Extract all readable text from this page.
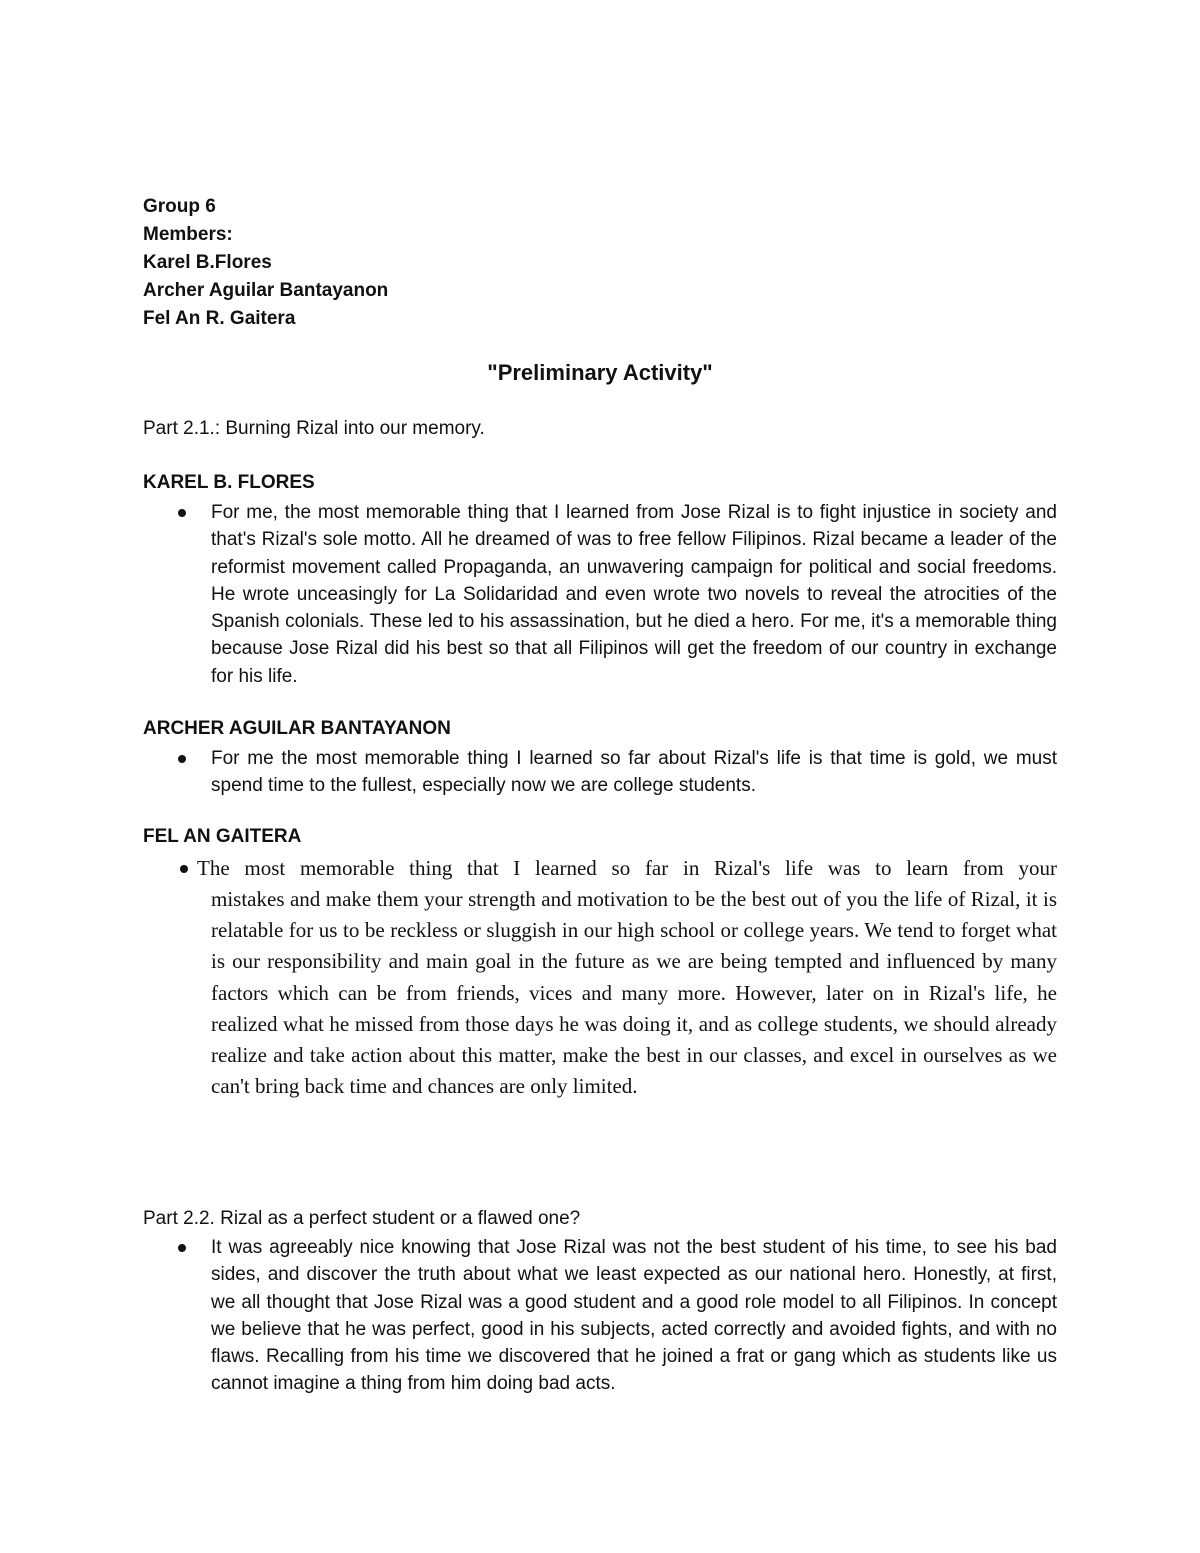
Group 6

Members:

Karel B.Flores

Archer Aguilar Bantayanon

Fel An R. Gaitera

"Preliminary Activity"

Part 2.1.: Burning Rizal into our memory.

KAREL B. FLORES

For me, the most memorable thing that I learned from Jose Rizal is to fight injustice in society and that's Rizal's sole motto. All he dreamed of was to free fellow Filipinos. Rizal became a leader of the reformist movement called Propaganda, an unwavering campaign for political and social freedoms. He wrote unceasingly for La Solidaridad and even wrote two novels to reveal the atrocities of the Spanish colonials. These led to his assassination, but he died a hero. For me, it's a memorable thing because Jose Rizal did his best so that all Filipinos will get the freedom of our country in exchange for his life.

ARCHER AGUILAR BANTAYANON

For me the most memorable thing I learned so far about Rizal's life is that time is gold, we must spend time to the fullest, especially now we are college students.

FEL AN GAITERA

The most memorable thing that I learned so far in Rizal's life was to learn from your

mistakes and make them your strength and motivation to be the best out of you the life of Rizal, it is relatable for us to be reckless or sluggish in our high school or college years. We tend to forget what is our responsibility and main goal in the future as we are being tempted and influenced by many factors which can be from friends, vices and many more. However, later on in Rizal's life, he realized what he missed from those days he was doing it, and as college students, we should already realize and take action about this matter, make the best in our classes, and excel in ourselves as we can't bring back time and chances are only limited.

Part 2.2. Rizal as a perfect student or a flawed one?

It was agreeably nice knowing that Jose Rizal was not the best student of his time, to see his bad sides, and discover the truth about what we least expected as our national hero. Honestly, at first, we all thought that Jose Rizal was a good student and a good role model to all Filipinos. In concept we believe that he was perfect, good in his subjects, acted correctly and avoided fights, and with no flaws. Recalling from his time we discovered that he joined a frat or gang which as students like us cannot imagine a thing from him doing bad acts.
